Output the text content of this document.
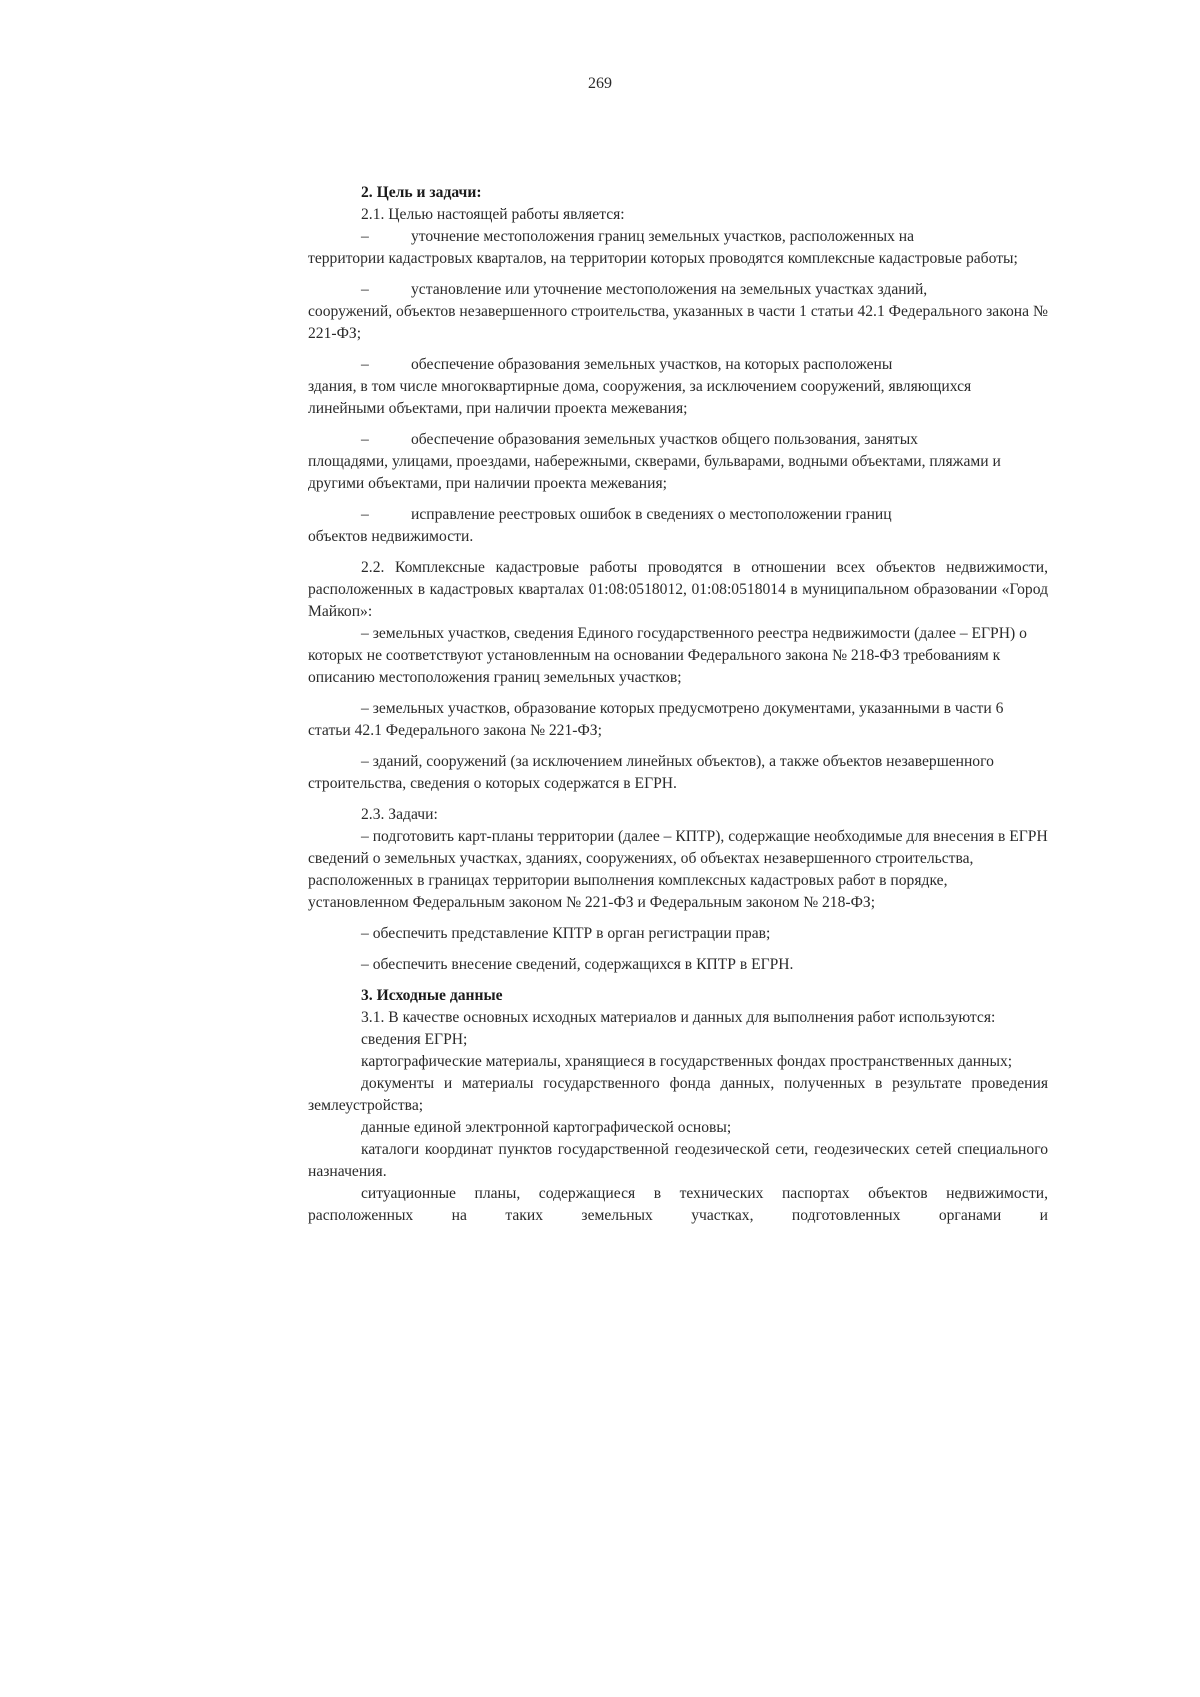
269

2. Цель и задачи:

2.1. Целью настоящей работы является:

–	уточнение местоположения границ земельных участков, расположенных на
территории кадастровых кварталов, на территории которых проводятся комплексные кадастровые работы;

–	установление или уточнение местоположения на земельных участках зданий,
сооружений, объектов незавершенного строительства, указанных в части 1 статьи 42.1 Федерального закона № 221-ФЗ;

–	обеспечение образования земельных участков, на которых расположены
здания, в том числе многоквартирные дома, сооружения, за исключением сооружений, являющихся линейными объектами, при наличии проекта межевания;

–	обеспечение образования земельных участков общего пользования, занятых
площадями, улицами, проездами, набережными, скверами, бульварами, водными объектами, пляжами и другими объектами, при наличии проекта межевания;

–	исправление реестровых ошибок в сведениях о местоположении границ
объектов недвижимости.

2.2. Комплексные кадастровые работы проводятся в отношении всех объектов недвижимости, расположенных в кадастровых кварталах 01:08:0518012, 01:08:0518014 в муниципальном образовании «Город Майкоп»:

– земельных участков, сведения Единого государственного реестра недвижимости (далее – ЕГРН) о которых не соответствуют установленным на основании Федерального закона № 218-ФЗ требованиям к описанию местоположения границ земельных участков;

– земельных участков, образование которых предусмотрено документами, указанными в части 6 статьи 42.1 Федерального закона № 221-ФЗ;

– зданий, сооружений (за исключением линейных объектов), а также объектов незавершенного строительства, сведения о которых содержатся в ЕГРН.

2.3. Задачи:

– подготовить карт-планы территории (далее – КПТР), содержащие необходимые для внесения в ЕГРН сведений о земельных участках, зданиях, сооружениях, об объектах незавершенного строительства, расположенных в границах территории выполнения комплексных кадастровых работ в порядке, установленном Федеральным законом № 221-ФЗ и Федеральным законом № 218-ФЗ;

– обеспечить представление КПТР в орган регистрации прав;

– обеспечить внесение сведений, содержащихся в КПТР в ЕГРН.

3. Исходные данные

3.1. В качестве основных исходных материалов и данных для выполнения работ используются:

сведения ЕГРН;

картографические материалы, хранящиеся в государственных фондах пространственных данных;

документы и материалы государственного фонда данных, полученных в результате проведения землеустройства;

данные единой электронной картографической основы;

каталоги координат пунктов государственной геодезической сети, геодезических сетей специального назначения.

ситуационные планы, содержащиеся в технических паспортах объектов недвижимости, расположенных на таких земельных участках, подготовленных органами и
